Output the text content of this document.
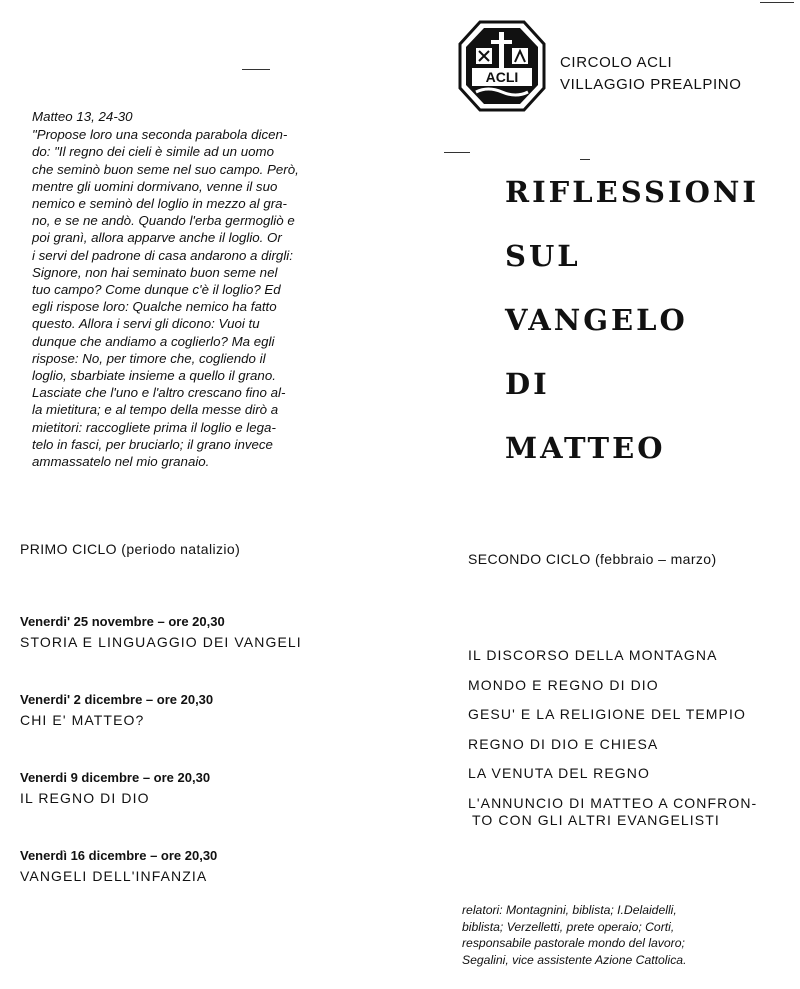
ACLI
CIRCOLO ACLI
VILLAGGIO PREALPINO
Matteo 13, 24-30
"Propose loro una seconda parabola dicen-
do: "Il regno dei cieli è simile ad un uomo
che seminò buon seme nel suo campo. Però,
mentre gli uomini dormivano, venne il suo
nemico e seminò del loglio in mezzo al gra-
no, e se ne andò. Quando l'erba germogliò e
poi granì, allora apparve anche il loglio. Or
i servi del padrone di casa andarono a dirgli:
Signore, non hai seminato buon seme nel
tuo campo? Come dunque c'è il loglio? Ed
egli rispose loro: Qualche nemico ha fatto
questo. Allora i servi gli dicono: Vuoi tu
dunque che andiamo a coglierlo? Ma egli
rispose: No, per timore che, cogliendo il
loglio, sbarbiate insieme a quello il grano.
Lasciate che l'uno e l'altro crescano fino al-
la mietitura; e al tempo della messe dirò a
mietitori: raccogliete prima il loglio e lega-
telo in fasci, per bruciarlo; il grano invece
ammassatelo nel mio granaio.
RIFLESSIONI
SUL
VANGELO
DI
MATTEO
PRIMO CICLO (periodo natalizio)
Venerdi' 25 novembre – ore 20,30
STORIA E LINGUAGGIO DEI VANGELI
Venerdi' 2 dicembre – ore 20,30
CHI E' MATTEO?
Venerdi 9 dicembre – ore 20,30
IL REGNO DI DIO
Venerdì 16 dicembre – ore 20,30
VANGELI DELL'INFANZIA
SECONDO CICLO (febbraio – marzo)
IL DISCORSO DELLA MONTAGNA
MONDO E REGNO DI DIO
GESU' E LA RELIGIONE DEL TEMPIO
REGNO DI DIO E CHIESA
LA VENUTA DEL REGNO
L'ANNUNCIO DI MATTEO A CONFRON-
TO CON GLI ALTRI EVANGELISTI
relatori: Montagnini, biblista; I.Delaidelli,
biblista; Verzelletti, prete operaio; Corti,
responsabile pastorale mondo del lavoro;
Segalini, vice assistente Azione Cattolica.
